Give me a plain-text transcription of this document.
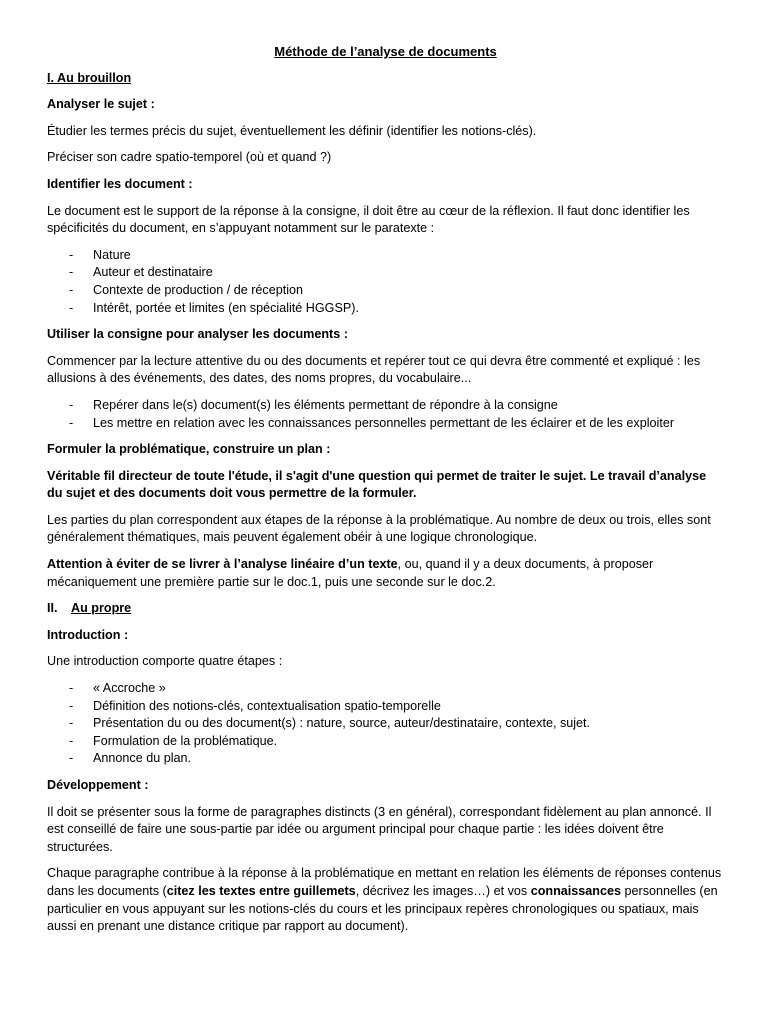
Méthode de l’analyse de documents
I. Au brouillon
Analyser le sujet :

Étudier les termes précis du sujet, éventuellement les définir (identifier les notions-clés).

Préciser son cadre spatio-temporel (où et quand ?)

Identifier les document :

Le document est le support de la réponse à la consigne, il doit être au cœur de la réflexion. Il faut donc identifier les spécificités du document, en s’appuyant notamment sur le paratexte :

- Nature
- Auteur et destinataire
- Contexte de production / de réception
- Intérêt, portée et limites (en spécialité HGGSP).
Utiliser la consigne pour analyser les documents :

Commencer par la lecture attentive du ou des documents et repérer tout ce qui devra être commenté et expliqué : les allusions à des événements, des dates, des noms propres, du vocabulaire...

- Repérer dans le(s) document(s) les éléments permettant de répondre à la consigne
- Les mettre en relation avec les connaissances personnelles permettant de les éclairer et de les exploiter
Formuler la problématique, construire un plan :

Véritable fil directeur de toute l'étude, il s'agit d'une question qui permet de traiter le sujet. Le travail d’analyse du sujet et des documents doit vous permettre de la formuler.

Les parties du plan correspondent aux étapes de la réponse à la problématique. Au nombre de deux ou trois, elles sont généralement thématiques, mais peuvent également obéir à une logique chronologique.

Attention à éviter de se livrer à l’analyse linéaire d’un texte, ou, quand il y a deux documents, à proposer mécaniquement une première partie sur le doc.1, puis une seconde sur le doc.2.

II. Au propre
Introduction :

Une introduction comporte quatre étapes :

- « Accroche »
- Définition des notions-clés, contextualisation spatio-temporelle
- Présentation du ou des document(s) : nature, source, auteur/destinataire, contexte, sujet.
- Formulation de la problématique.
- Annonce du plan.
Développement :

Il doit se présenter sous la forme de paragraphes distincts (3 en général), correspondant fidèlement au plan annoncé. Il est conseillé de faire une sous-partie par idée ou argument principal pour chaque partie : les idées doivent être structurées.

Chaque paragraphe contribue à la réponse à la problématique en mettant en relation les éléments de réponses contenus dans les documents (citez les textes entre guillemets, décrivez les images…) et vos connaissances personnelles (en particulier en vous appuyant sur les notions-clés du cours et les principaux repères chronologiques ou spatiaux, mais aussi en prenant une distance critique par rapport au document).
